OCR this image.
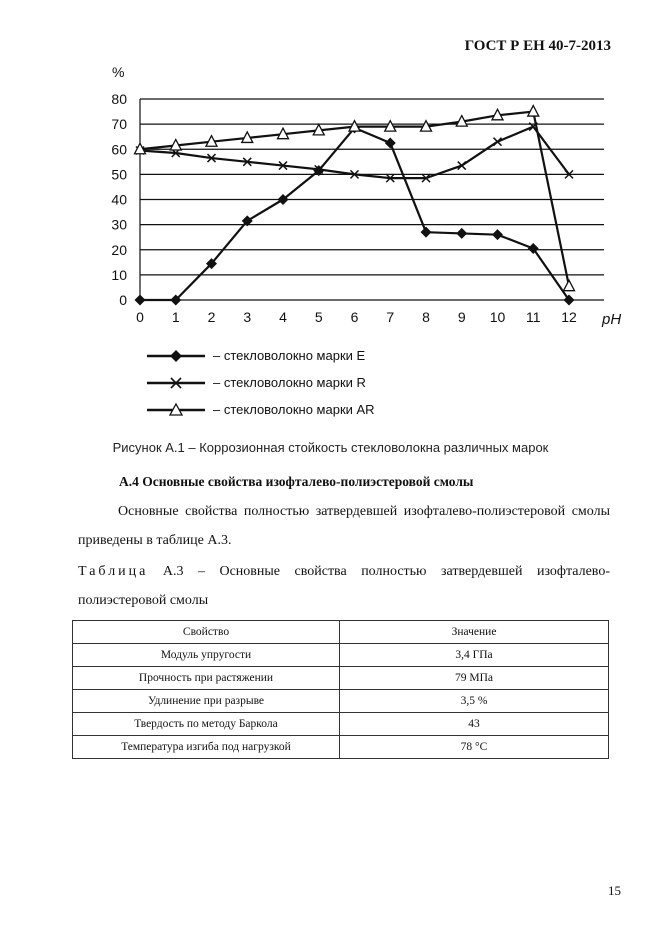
ГОСТ Р ЕН 40-7-2013
0
10
20
30
40
50
60
70
80
%
0 1 2 3 4 5 6 7 8 9 10 11 12 pH
– стекловолокно марки E
– стекловолокно марки R
– стекловолокно марки AR
Рисунок А.1 – Коррозионная стойкость стекловолокна различных марок
А.4 Основные свойства изофталево-полиэстеровой смолы
Основные свойства полностью затвердевшей изофталево-полиэстеровой смолы приведены в таблице А.3.
Таблица А.3 – Основные свойства полностью затвердевшей изофталево-полиэстеровой смолы
Свойство	Значение
Модуль упругости	3,4 ГПа
Прочность при растяжении	79 МПа
Удлинение при разрыве	3,5 %
Твердость по методу Баркола	43
Температура изгиба под нагрузкой	78 °C
15
